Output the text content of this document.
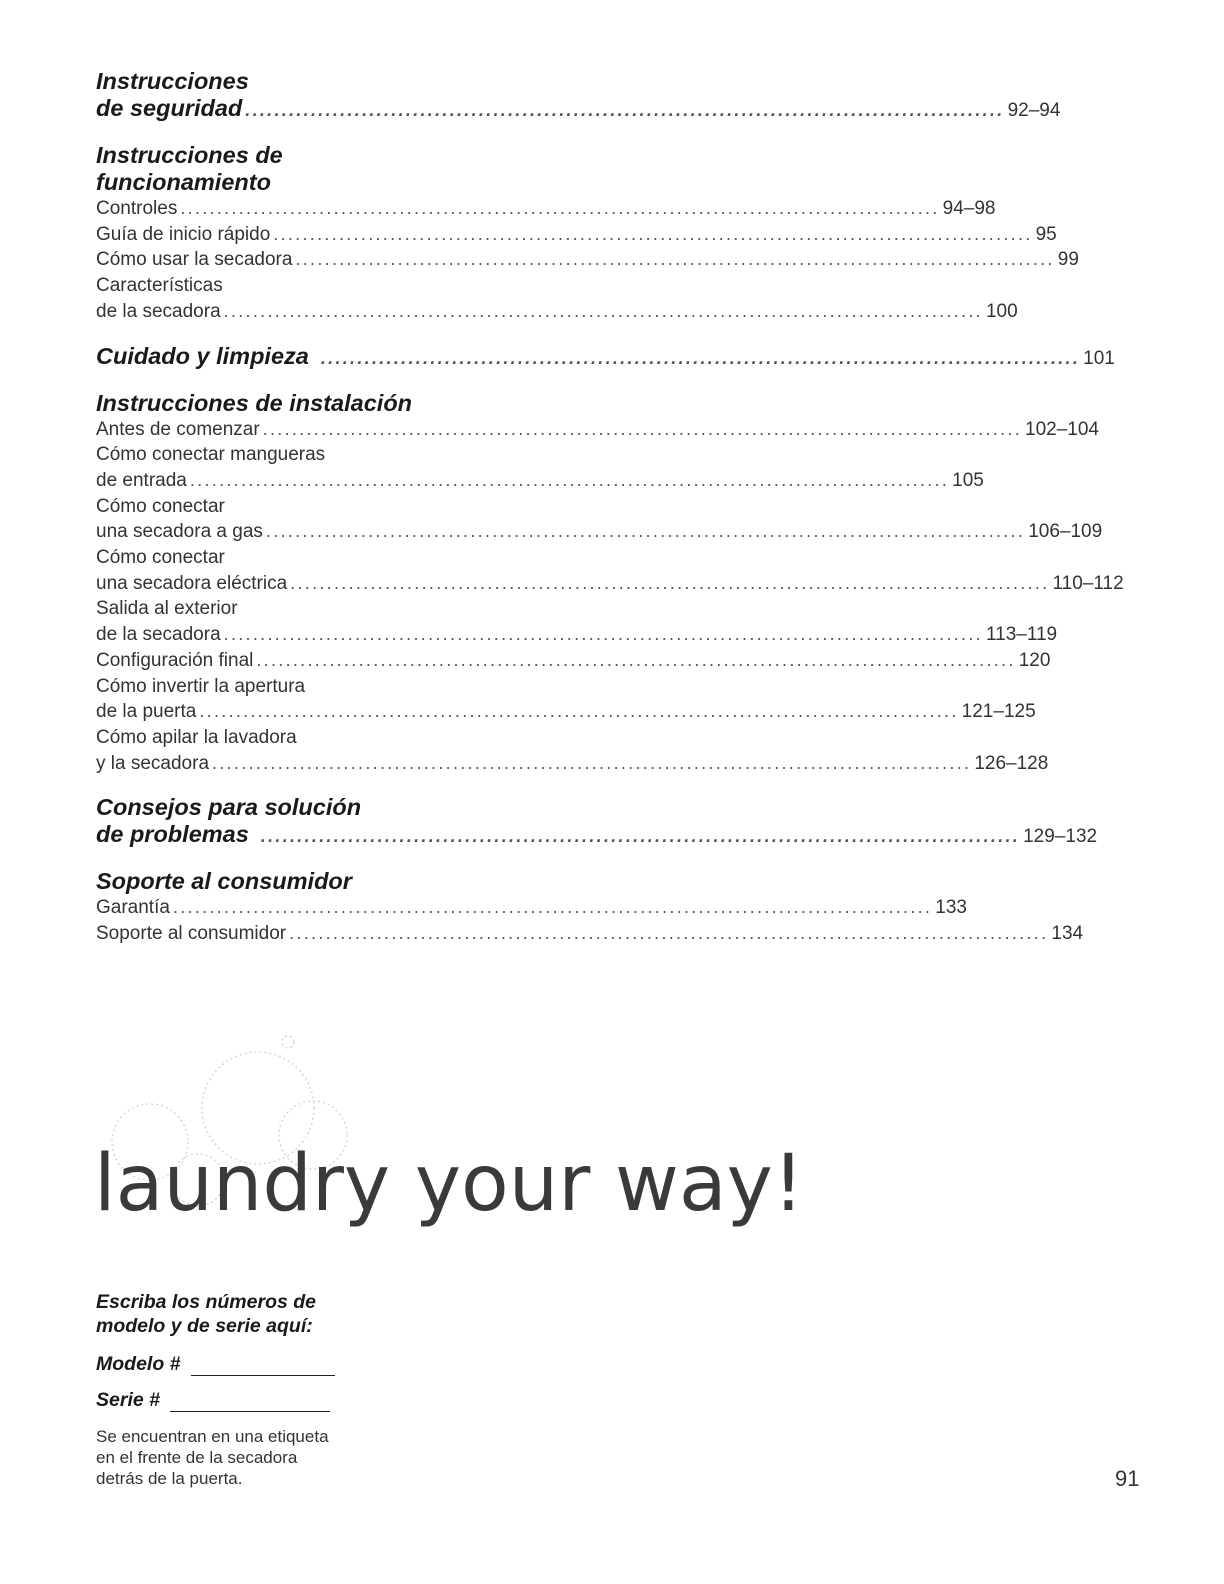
Instrucciones
de seguridad .....	92–94
Instrucciones de funcionamiento
Controles .....	94–98
Guía de inicio rápido .....	95
Cómo usar la secadora .....	99
Características
de la secadora .....	100
Cuidado y limpieza .....	101
Instrucciones de instalación
Antes de comenzar .....	102–104
Cómo conectar mangueras
de entrada .....	105
Cómo conectar
una secadora a gas .....	106–109
Cómo conectar
una secadora eléctrica .....	110–112
Salida al exterior
de la secadora .....	113–119
Configuración final .....	120
Cómo invertir la apertura
de la puerta .....	121–125
Cómo apilar la lavadora
y la secadora .....	126–128
Consejos para solución
de problemas .....	129–132
Soporte al consumidor
Garantía .....	133
Soporte al consumidor .....	134
laundry your way!
Escriba los números de
modelo y de serie aquí:
Modelo #
Serie #
Se encuentran en una etiqueta
en el frente de la secadora
detrás de la puerta.	91
